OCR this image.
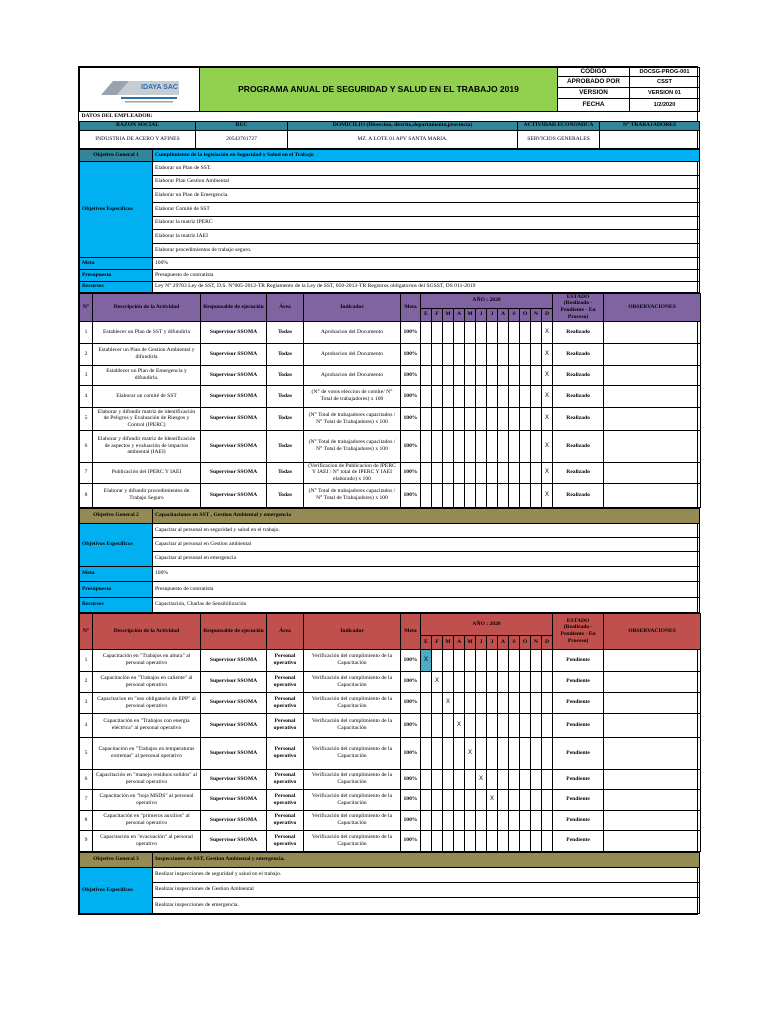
IDAYA SAC	PROGRAMA ANUAL DE SEGURIDAD Y SALUD EN EL TRABAJO 2019	CODIGO	DOCSG-PROG-001
		APROBADO POR	CSST
		VERSION	VERSION 01
		FECHA	1/2/2020
DATOS DEL EMPLEADOR:				
RAZON SOCIAL	RUC	DOMICILIO (Dirección, distrito,departamento,provincia)	ACTIVIDAD ECONOMICA	N° TRABAJADORES
INDUSTRIA DE ACERO Y AFINES	20543701727	MZ. A LOTE 01 APV SANTA MARIA.	SERVICIOS GENERALES	
Objetivo General 1	Cumplimiento de la legislación en Seguridad y Salud en el Trabajo
Objetivos Específicos	Elaborar un Plan de SST.
	Elaborar Plan Gestion Ambiental
	Elaborar un Plan de Emergencia.
	Elaborar Comité de SST
	Elaborar la matriz IPERC
	Elaborar la matriz IAEI
	Elaborar procedimientos de trabajo seguro.
Meta	100%
Presupuesto	Presupuesto de contratista
Recursos	Ley N° 29783 Ley de SST, D.S. N°005-2012-TR Reglamento de la Ley de SST, 050-2013-TR Registros obligatorios del SGSST, DS 011-2019
N°	Descripción de la Actividad	Responsable de ejecución	Área	Indicador	Meta	AÑO : 2020												ESTADO (Realizado - Pendiente - En Proceso)	OBSERVACIONES
						E	F	M	A	M	J	J	A	S	O	N	D		
1	Establecer un Plan de SST y difundirla	Supervisor SSOMA	Todas	Aprobacion del Documento	100%												X	Realizado	
2	Establecer un Plan de Gestion Ambiental y difundirla	Supervisor SSOMA	Todas	Aprobacion del Documento	100%												X	Realizado	
3	Establecer un Plan de Emergencia y difundirla.	Supervisor SSOMA	Todas	Aprobacion del Documento	100%												X	Realizado	
4	Elaborar un comité de SST	Supervisor SSOMA	Todas	(N° de votos eleccion de comite/ N° Total de trabajadores) x 100	100%												X	Realizado	
5	Elaborar y difundir matriz de identificación de Peligros y Evaluación de Riesgos y Control (IPERC)	Supervisor SSOMA	Todas	(N° Total de trabajadores capacitados / N° Total de Trabajadores) x 100	100%												X	Realizado	
6	Elaborar y difundir matriz de Identificación de aspectos y evaluación de impactos ambiental (IAEI)	Supervisor SSOMA	Todas	(N° Total de trabajadores capacitados / N° Total de Trabajadores) x 100	100%												X	Realizado	
7	Publicación del IPERC Y IAEI	Supervisor SSOMA	Todas	(Verificacion de Publicacion de IPERC Y IAEI / N° total de IPERC Y IAEI elaborado) x 100	100%												X	Realizado	
8	Elaborar y difundir procedimientos de Trabajo Seguro	Supervisor SSOMA	Todas	(N° Total de trabajadores capacitados / N° Total de Trabajadores) x 100	100%												X	Realizado	
Objetivo General 2	Capacitaciones en SST , Gestion Ambiental y emergencia
Objetivos Específicos	Capacitar al personal en seguridad y salud en el trabajo.
	Capacitar al personal en Gestion ambiental
	Capacitar al personal en emergencia
Meta	100%
Presupuesto	Presupuesto de contratista
Recursos	Capacitación, Charlas de Sensibilización
N°	Descripción de la Actividad	Responsable de ejecución	Área	Indicador	Meta	AÑO : 2020												ESTADO (Realizado - Pendiente - En Proceso)	OBSERVACIONES
						E	F	M	A	M	J	J	A	S	O	N	D		
1	Capacitación en "Trabajos en altura" al personal operativo	Supervisor SSOMA	Personal operativo	Verificación del cumplimiento de la Capacitación	100%	X												Pendiente	
2	Capacitación en "Trabajos en caliente" al personal operativo	Supervisor SSOMA	Personal operativo	Verificación del cumplimiento de la Capacitación	100%		X											Pendiente	
3	Capacitacion en "uso obligatorio de EPP" al personal operativo	Supervisor SSOMA	Personal operativo	Verificación del cumplimiento de la Capacitación	100%			X										Pendiente	
4	Capacitación en "Trabajos con energía eléctrica" al personal operativo	Supervisor SSOMA	Personal operativo	Verificación del cumplimiento de la Capacitación	100%				X									Pendiente	
5	Capacitación en "Trabajos en temperaturas extremas" al personal operativo	Supervisor SSOMA	Personal operativo	Verificación del cumplimiento de la Capacitación	100%					X								Pendiente	
6	Capacitación en "manejo residuos solidos" al personal operativo	Supervisor SSOMA	Personal operativo	Verificación del cumplimiento de la Capacitación	100%						X							Pendiente	
7	Capacitación en "hoja MSDS" al personal operativo	Supervisor SSOMA	Personal operativo	Verificación del cumplimiento de la Capacitación	100%							X						Pendiente	
8	Capacitación en "primeros auxilios" al personal operativo	Supervisor SSOMA	Personal operativo	Verificación del cumplimiento de la Capacitación	100%													Pendiente	
9	Capacitación en "evacuación" al personal operativo	Supervisor SSOMA	Personal operativo	Verificación del cumplimiento de la Capacitación	100%													Pendiente	
Objetivo General 3	Inspecciones de SST, Gestion Ambiental y emergencia.
Objetivos Específicos	Realizar inspecciones de seguridad y salud en el trabajo.
	Realizar inspecciones de Gestion Ambiental
	Realizar inspecciones de emergencia.
